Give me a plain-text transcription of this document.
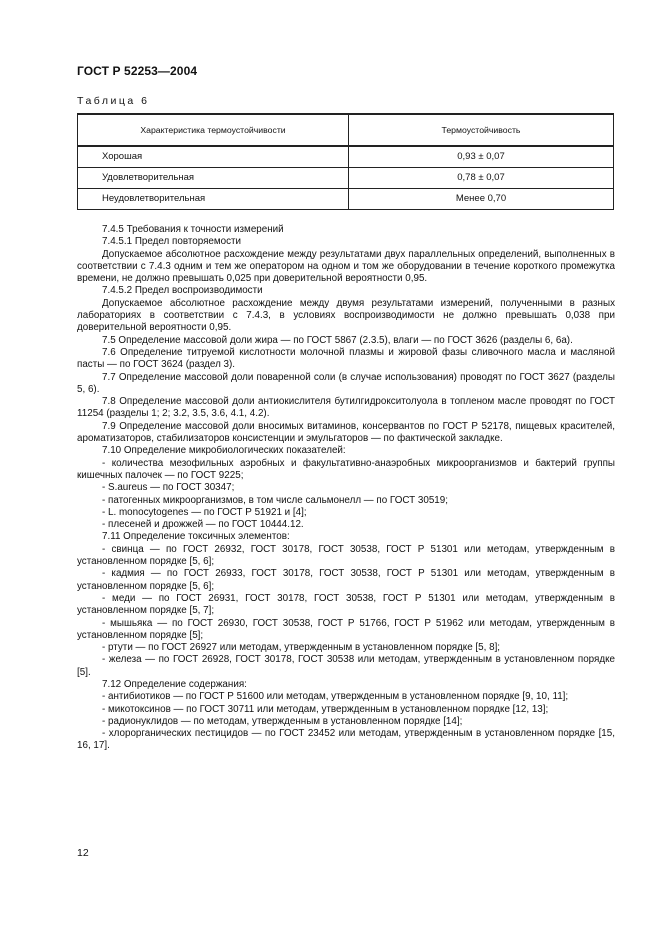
ГОСТ Р 52253—2004
Таблица 6
Характеристика термоустойчивости	Термоустойчивость
Хорошая	0,93 ± 0,07
Удовлетворительная	0,78 ± 0,07
Неудовлетворительная	Менее 0,70

7.4.5 Требования к точности измерений

7.4.5.1 Предел повторяемости

Допускаемое абсолютное расхождение между результатами двух параллельных определений, выполненных в соответствии с 7.4.3 одним и тем же оператором на одном и том же оборудовании в течение короткого промежутка времени, не должно превышать 0,025 при доверительной вероятности 0,95.

7.4.5.2 Предел воспроизводимости

Допускаемое абсолютное расхождение между двумя результатами измерений, полученными в разных лабораториях в соответствии с 7.4.3, в условиях воспроизводимости не должно превышать 0,038 при доверительной вероятности 0,95.

7.5 Определение массовой доли жира — по ГОСТ 5867 (2.3.5), влаги — по ГОСТ 3626 (разделы 6, 6а).

7.6 Определение титруемой кислотности молочной плазмы и жировой фазы сливочного масла и масляной пасты — по ГОСТ 3624 (раздел 3).

7.7 Определение массовой доли поваренной соли (в случае использования) проводят по ГОСТ 3627 (разделы 5, 6).

7.8 Определение массовой доли антиокислителя бутилгидрокситолуола в топленом масле проводят по ГОСТ 11254 (разделы 1; 2; 3.2, 3.5, 3.6, 4.1, 4.2).

7.9 Определение массовой доли вносимых витаминов, консервантов по ГОСТ Р 52178, пищевых красителей, ароматизаторов, стабилизаторов консистенции и эмульгаторов — по фактической закладке.

7.10 Определение микробиологических показателей:

- количества мезофильных аэробных и факультативно-анаэробных микроорганизмов и бактерий группы кишечных палочек — по ГОСТ 9225;

- S.aureus — по ГОСТ 30347;

- патогенных микроорганизмов, в том числе сальмонелл — по ГОСТ 30519;

- L. monocytogenes — по ГОСТ Р 51921 и [4];

- плесеней и дрожжей — по ГОСТ 10444.12.

7.11 Определение токсичных элементов:

- свинца — по ГОСТ 26932, ГОСТ 30178, ГОСТ 30538, ГОСТ Р 51301 или методам, утвержденным в установленном порядке [5, 6];

- кадмия — по ГОСТ 26933, ГОСТ 30178, ГОСТ 30538, ГОСТ Р 51301 или методам, утвержденным в установленном порядке [5, 6];

- меди — по ГОСТ 26931, ГОСТ 30178, ГОСТ 30538, ГОСТ Р 51301 или методам, утвержденным в установленном порядке [5, 7];

- мышьяка — по ГОСТ 26930, ГОСТ 30538, ГОСТ Р 51766, ГОСТ Р 51962 или методам, утвержденным в установленном порядке [5];

- ртути — по ГОСТ 26927 или методам, утвержденным в установленном порядке [5, 8];

- железа — по ГОСТ 26928, ГОСТ 30178, ГОСТ 30538 или методам, утвержденным в установленном порядке [5].

7.12 Определение содержания:

- антибиотиков — по ГОСТ Р 51600 или методам, утвержденным в установленном порядке [9, 10, 11];

- микотоксинов — по ГОСТ 30711 или методам, утвержденным в установленном порядке [12, 13];

- радионуклидов — по методам, утвержденным в установленном порядке [14];

- хлорорганических пестицидов — по ГОСТ 23452 или методам, утвержденным в установленном порядке [15, 16, 17].

12
